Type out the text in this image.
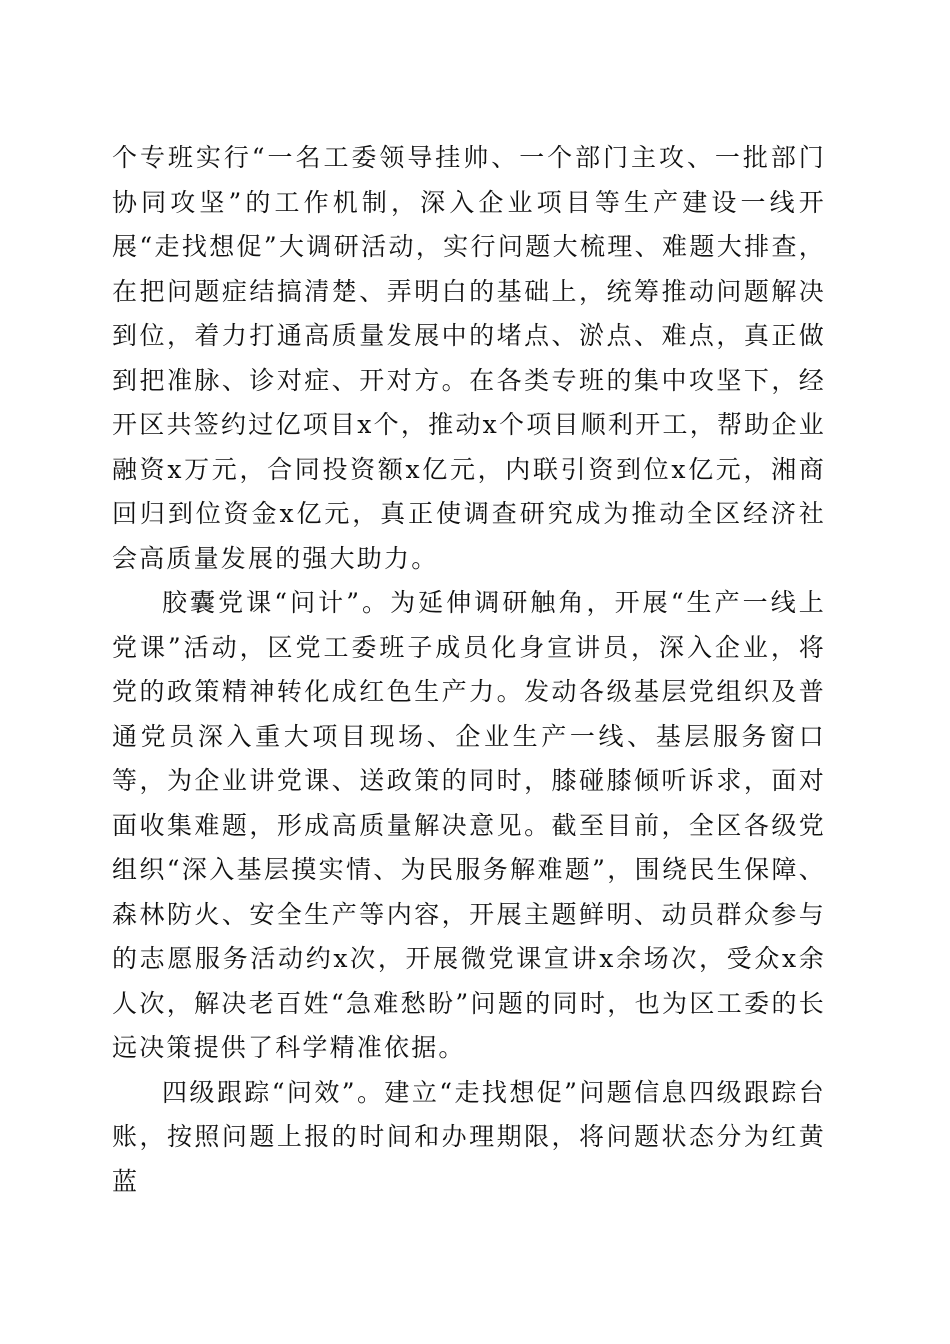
个专班实行“一名工委领导挂帅、一个部门主攻、一批部门协同攻坚”的工作机制，深入企业项目等生产建设一线开展“走找想促”大调研活动，实行问题大梳理、难题大排查，在把问题症结搞清楚、弄明白的基础上，统筹推动问题解决到位，着力打通高质量发展中的堵点、淤点、难点，真正做到把准脉、诊对症、开对方。在各类专班的集中攻坚下，经开区共签约过亿项目x个，推动x个项目顺利开工，帮助企业融资x万元，合同投资额x亿元，内联引资到位x亿元，湘商回归到位资金x亿元，真正使调查研究成为推动全区经济社会高质量发展的强大助力。

胶囊党课“问计”。为延伸调研触角，开展“生产一线上党课”活动，区党工委班子成员化身宣讲员，深入企业，将党的政策精神转化成红色生产力。发动各级基层党组织及普通党员深入重大项目现场、企业生产一线、基层服务窗口等，为企业讲党课、送政策的同时，膝碰膝倾听诉求，面对面收集难题，形成高质量解决意见。截至目前，全区各级党组织“深入基层摸实情、为民服务解难题”，围绕民生保障、森林防火、安全生产等内容，开展主题鲜明、动员群众参与的志愿服务活动约x次，开展微党课宣讲x余场次，受众x余人次，解决老百姓“急难愁盼”问题的同时，也为区工委的长远决策提供了科学精准依据。

四级跟踪“问效”。建立“走找想促”问题信息四级跟踪台账，按照问题上报的时间和办理期限，将问题状态分为红黄蓝
